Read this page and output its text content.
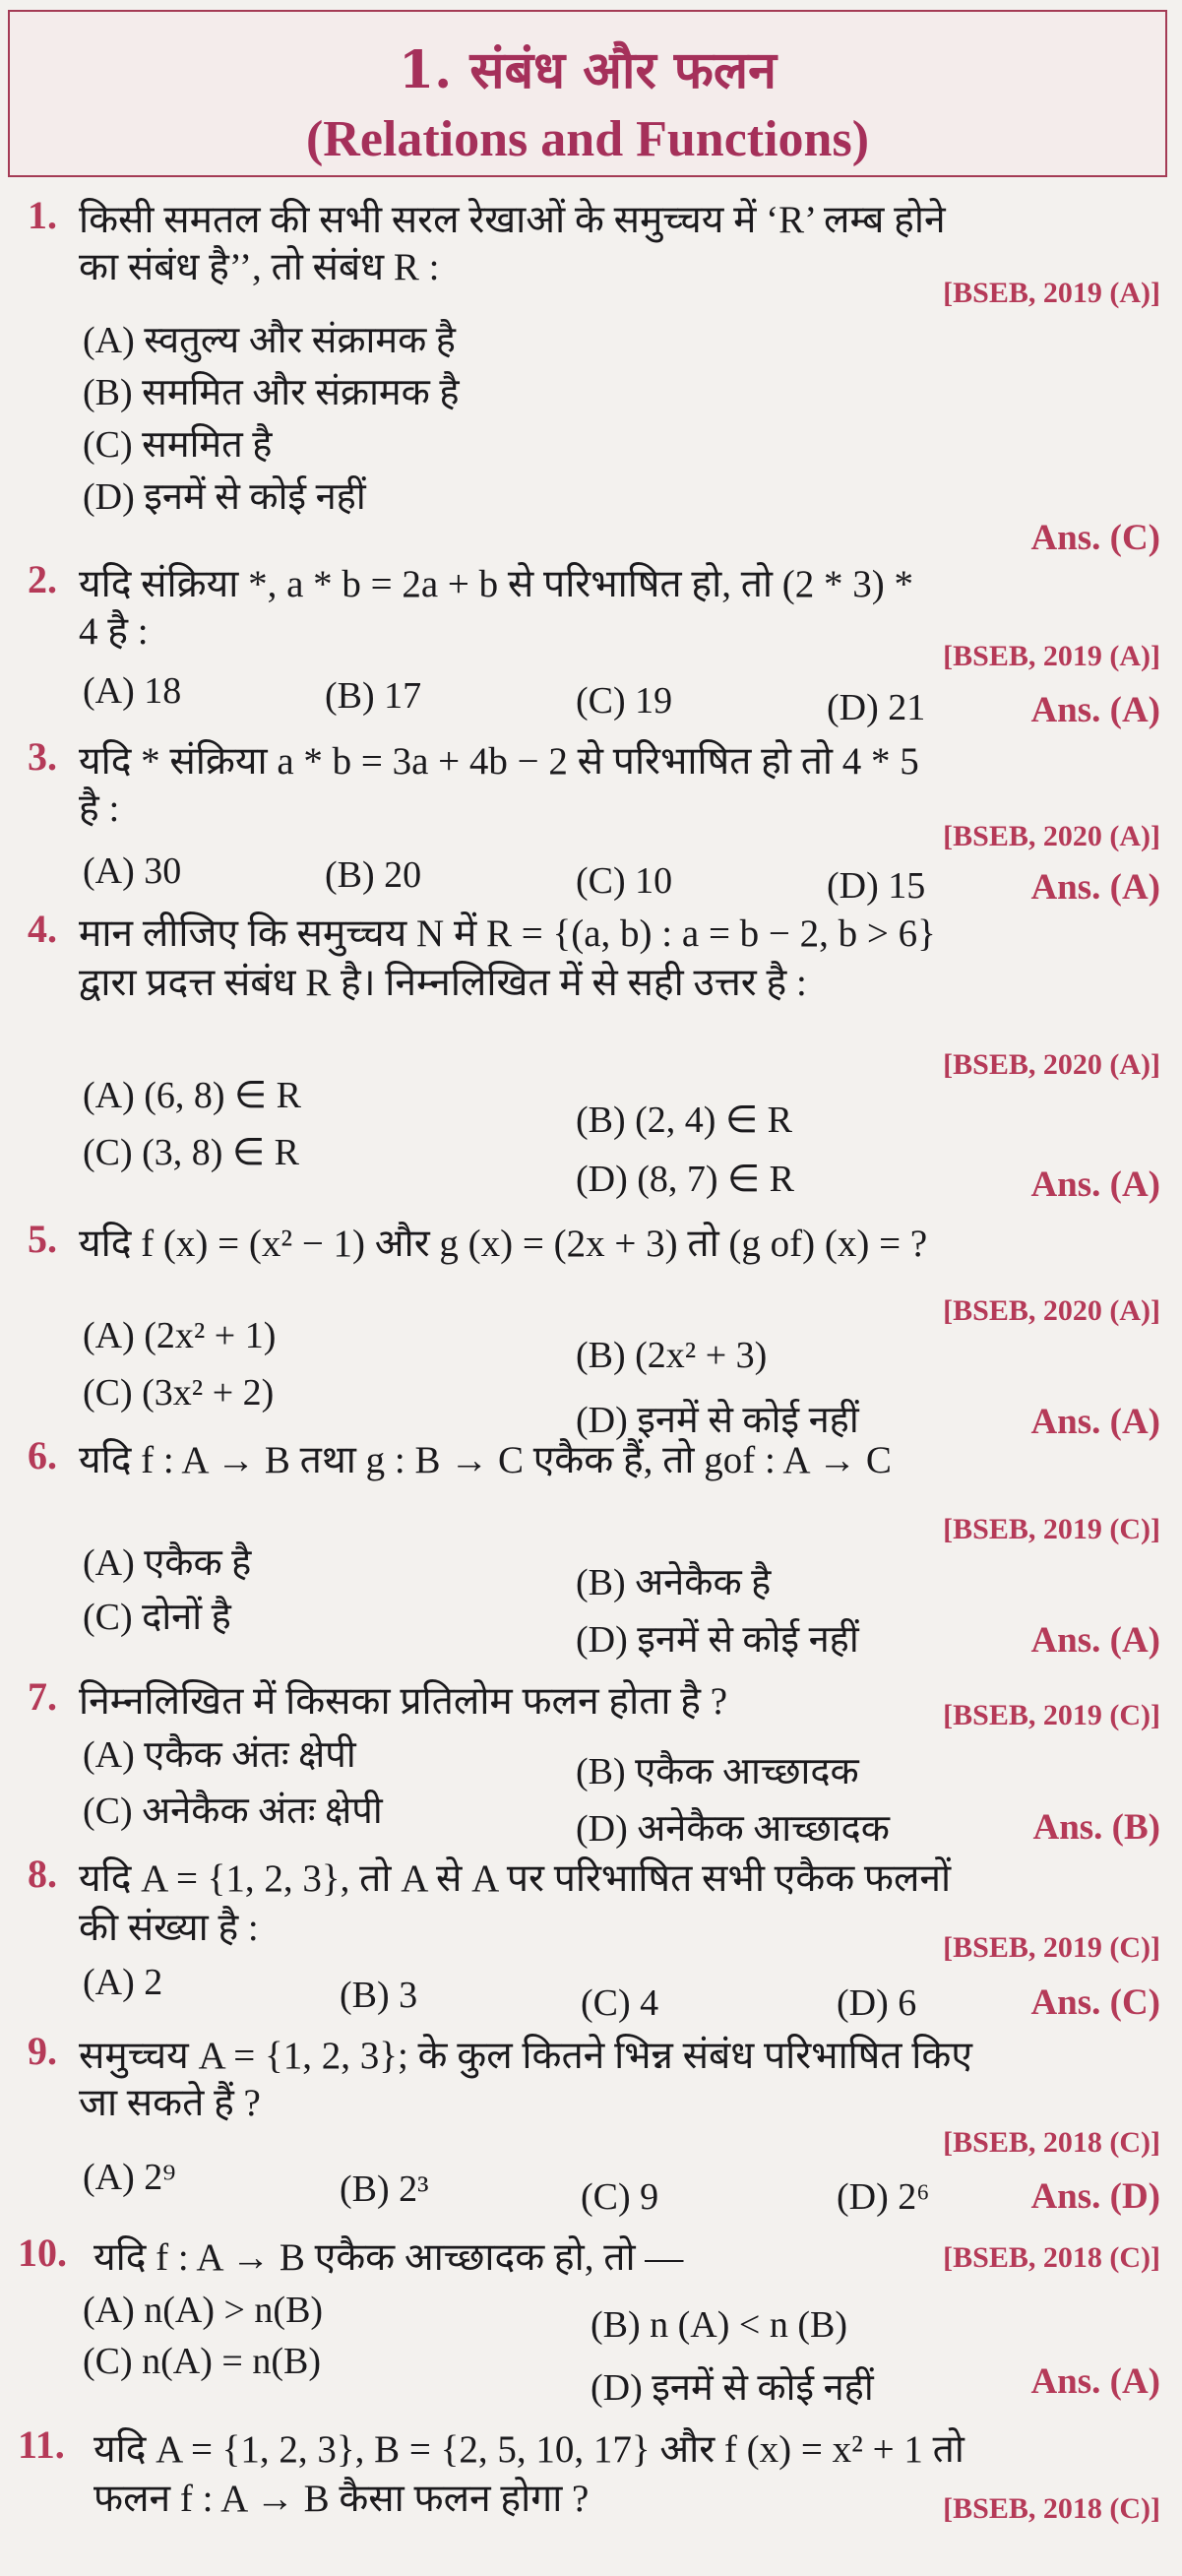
1. संबंध और फलन
(Relations and Functions)
1. किसी समतल की सभी सरल रेखाओं के समुच्चय में ‘R’ लम्ब होने
का संबंध है’’, तो संबंध R :
[BSEB, 2019 (A)]
(A) स्वतुल्य और संक्रामक है
(B) सममित और संक्रामक है
(C) सममित है
(D) इनमें से कोई नहीं
Ans. (C)
2. यदि संक्रिया *, a * b = 2a + b से परिभाषित हो, तो (2 * 3) *
4 है :
[BSEB, 2019 (A)]
(A) 18	(B) 17	(C) 19	(D) 21	Ans. (A)
3. यदि * संक्रिया a * b = 3a + 4b − 2 से परिभाषित हो तो 4 * 5
है :
[BSEB, 2020 (A)]
(A) 30	(B) 20	(C) 10	(D) 15	Ans. (A)
4. मान लीजिए कि समुच्चय N में R = {(a, b) : a = b − 2, b > 6}
द्वारा प्रदत्त संबंध R है। निम्नलिखित में से सही उत्तर है :
[BSEB, 2020 (A)]
(A) (6, 8) ∈ R
(B) (2, 4) ∈ R
(C) (3, 8) ∈ R
(D) (8, 7) ∈ R	Ans. (A)
5. यदि f (x) = (x² − 1) और g (x) = (2x + 3) तो (g of) (x) = ?
[BSEB, 2020 (A)]
(A) (2x² + 1)	(B) (2x² + 3)
(C) (3x² + 2)
(D) इनमें से कोई नहीं	Ans. (A)
6. यदि f : A → B तथा g : B → C एकैक हैं, तो gof : A → C
[BSEB, 2019 (C)]
(A) एकैक है	(B) अनेकैक है
(C) दोनों है
(D) इनमें से कोई नहीं	Ans. (A)
7. निम्नलिखित में किसका प्रतिलोम फलन होता है ?	[BSEB, 2019 (C)]
(A) एकैक अंतः क्षेपी	(B) एकैक आच्छादक
(C) अनेकैक अंतः क्षेपी	(D) अनेकैक आच्छादक	Ans. (B)
8. यदि A = {1, 2, 3}, तो A से A पर परिभाषित सभी एकैक फलनों
की संख्या है :	[BSEB, 2019 (C)]
(A) 2	(B) 3	(C) 4	(D) 6	Ans. (C)
9. समुच्चय A = {1, 2, 3}; के कुल कितने भिन्न संबंध परिभाषित किए
जा सकते हैं ?
[BSEB, 2018 (C)]
(A) 2⁹	(B) 2³	(C) 9	(D) 2⁶	Ans. (D)
10. यदि f : A → B एकैक आच्छादक हो, तो —	[BSEB, 2018 (C)]
(A) n(A) > n(B)	(B) n (A) < n (B)
(C) n(A) = n(B)
(D) इनमें से कोई नहीं	Ans. (A)
11. यदि A = {1, 2, 3}, B = {2, 5, 10, 17} और f (x) = x² + 1 तो
फलन f : A → B कैसा फलन होगा ?	[BSEB, 2018 (C)]
